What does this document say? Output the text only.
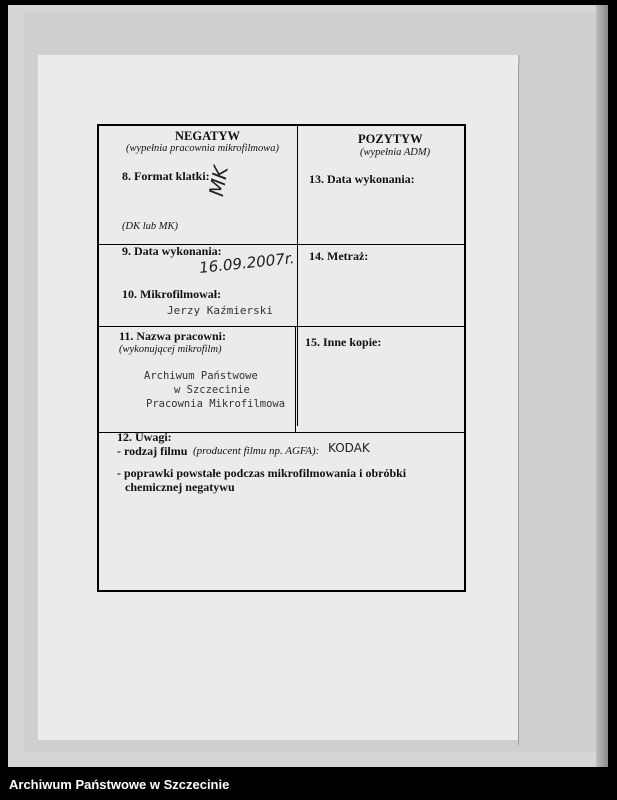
NEGATYW
(wypełnia pracownia mikrofilmowa)
POZYTYW
(wypełnia ADM)
8. Format klatki:
MK
(DK lub MK)
13. Data wykonania:
9. Data wykonania:
16.09.2007r. 14. Metraż:
10. Mikrofilmował:
Jerzy Kaźmierski
11. Nazwa pracowni:
(wykonującej mikrofilm)
Archiwum Państwowe
w Szczecinie
Pracownia Mikrofilmowa
15. Inne kopie:
12. Uwagi:
- rodzaj filmu (producent filmu np. AGFA): KODAK
- poprawki powstałe podczas mikrofilmowania i obróbki
chemicznej negatywu
Archiwum Państwowe w Szczecinie
